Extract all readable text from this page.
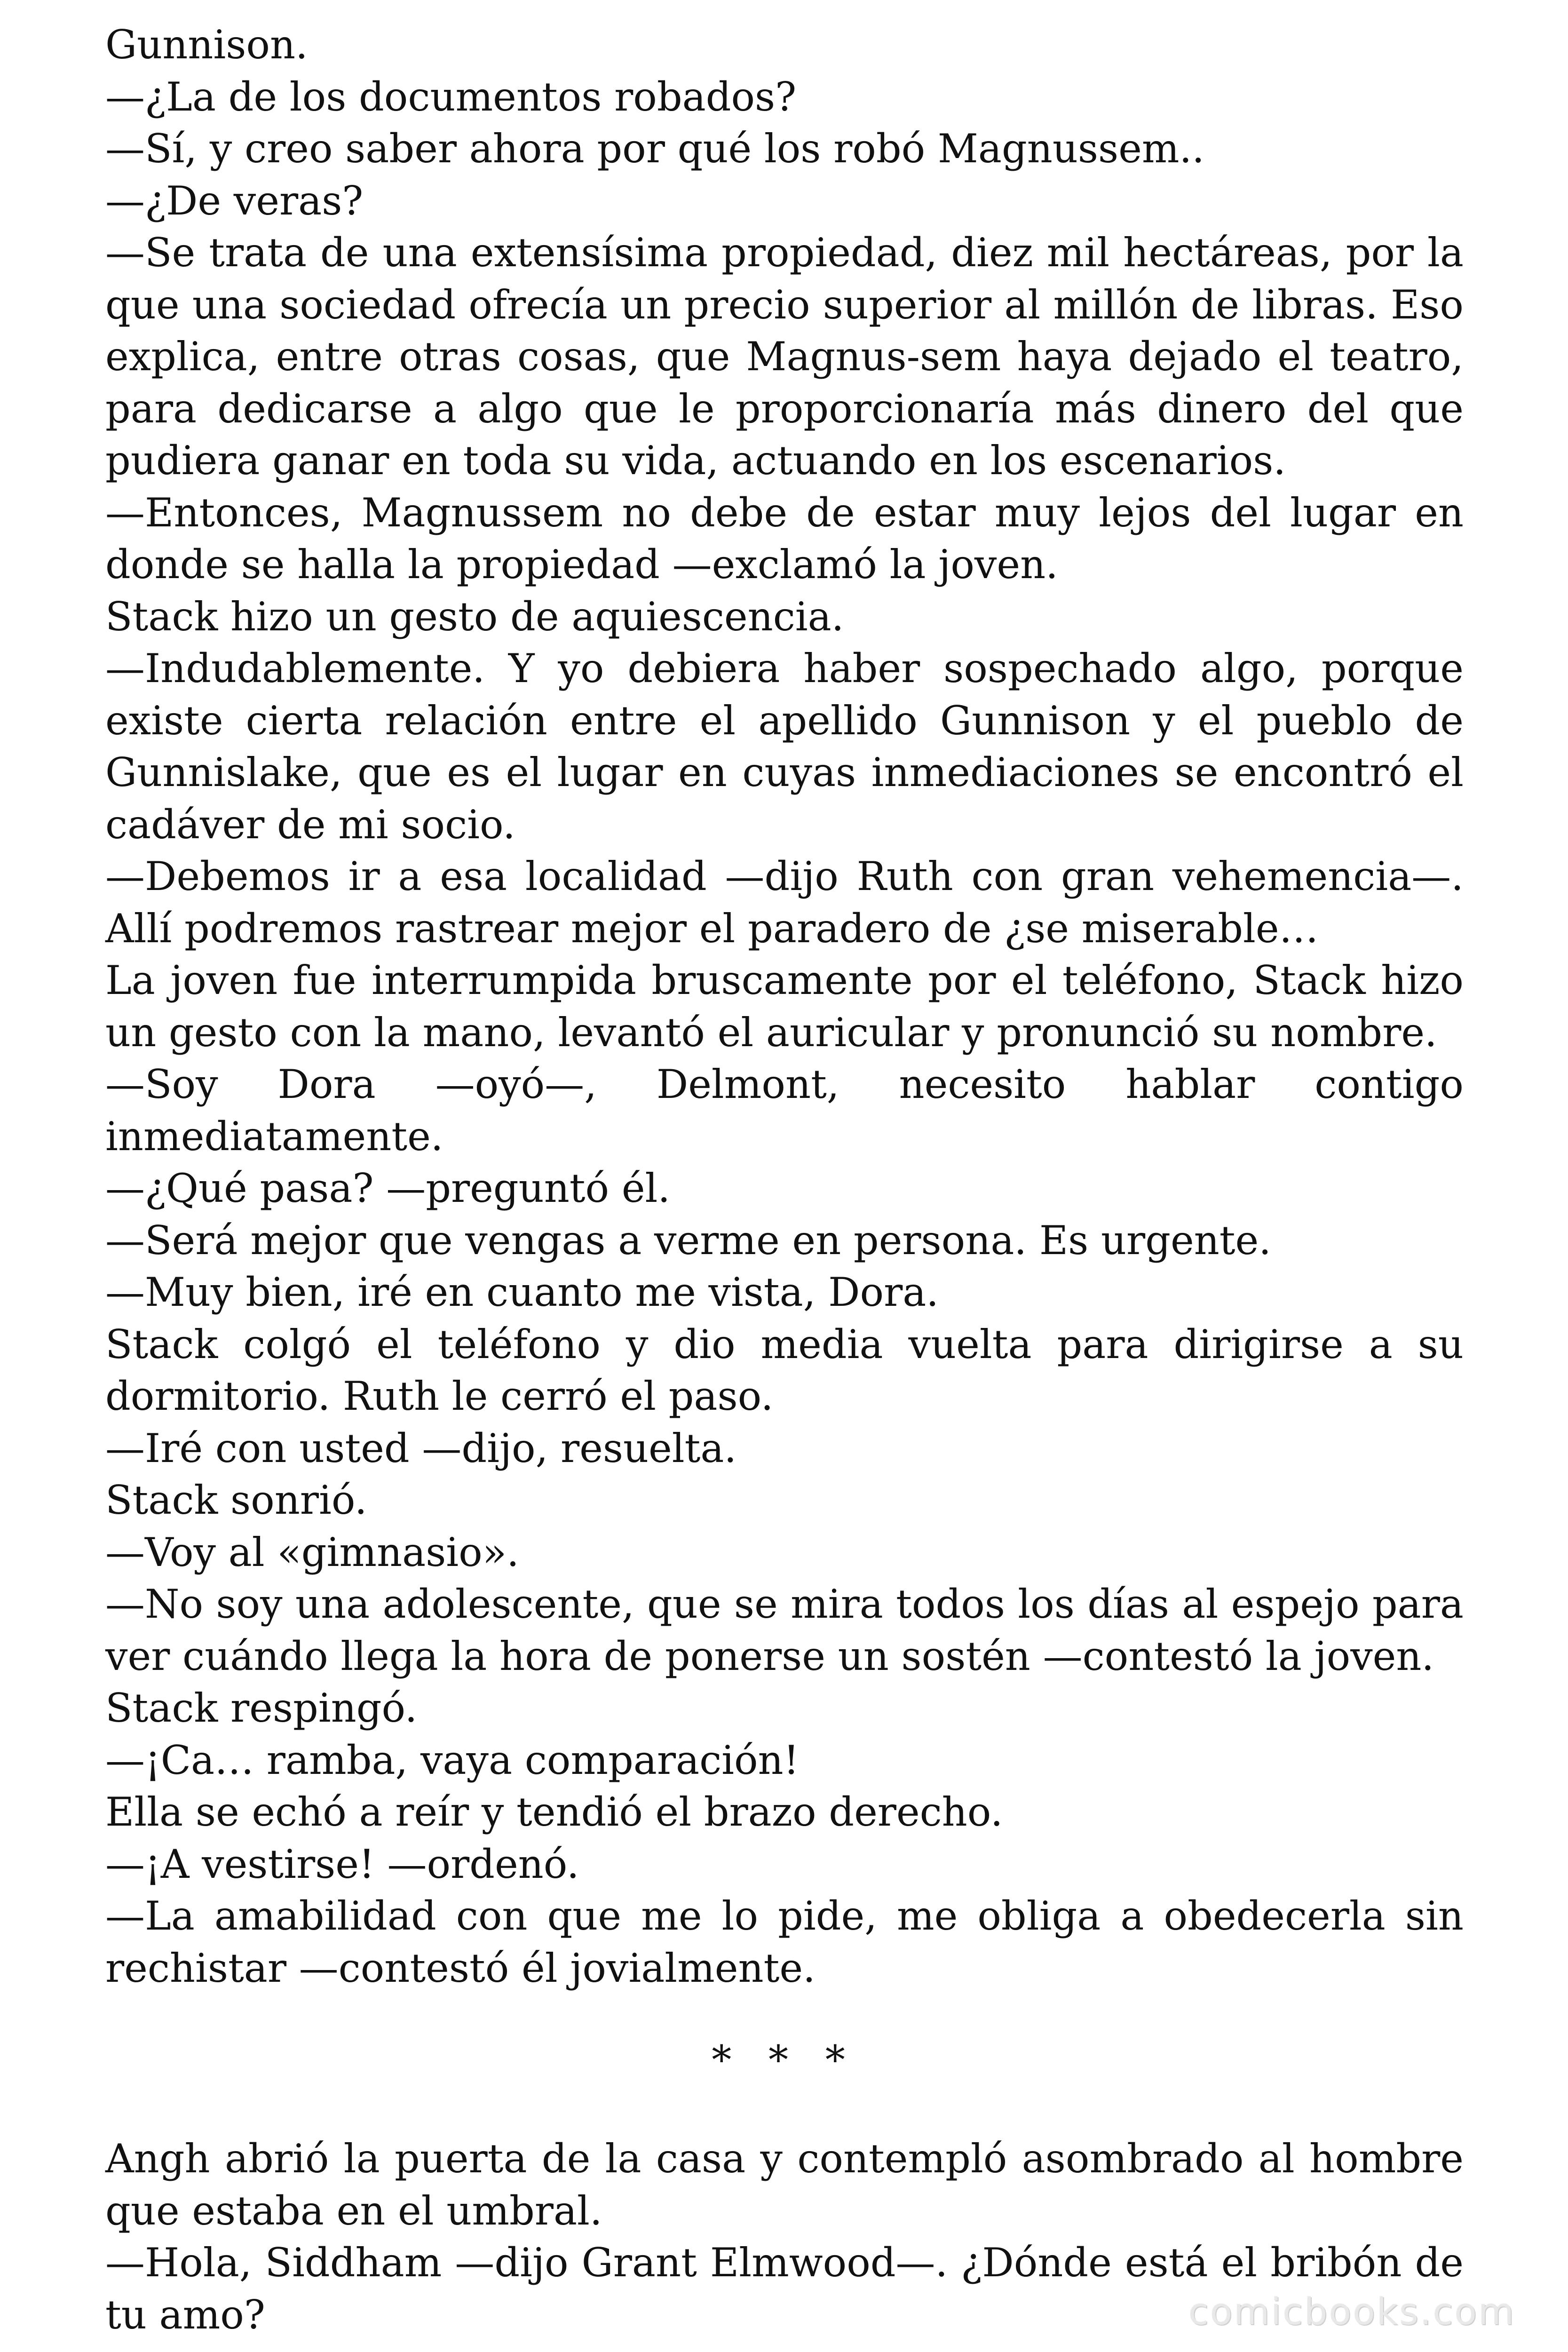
Gunnison.

—¿La de los documentos robados?

—Sí, y creo saber ahora por qué los robó Magnussem..

—¿De veras?

—Se trata de una extensísima propiedad, diez mil hectáreas, por la que una sociedad ofrecía un precio superior al millón de libras. Eso explica, entre otras cosas, que Magnus-sem haya dejado el teatro, para dedicarse a algo que le proporcionaría más dinero del que pudiera ganar en toda su vida, actuando en los escenarios.

—Entonces, Magnussem no debe de estar muy lejos del lugar en donde se halla la propiedad —exclamó la joven.

Stack hizo un gesto de aquiescencia.

—Indudablemente. Y yo debiera haber sospechado algo, porque existe cierta relación entre el apellido Gunnison y el pueblo de Gunnislake, que es el lugar en cuyas inmediaciones se encontró el cadáver de mi socio.

—Debemos ir a esa localidad —dijo Ruth con gran vehemencia—. Allí podremos rastrear mejor el paradero de ¿se miserable…

La joven fue interrumpida bruscamente por el teléfono, Stack hizo un gesto con la mano, levantó el auricular y pronunció su nombre.

—Soy Dora —oyó—, Delmont, necesito hablar contigo inmediatamente.

—¿Qué pasa? —preguntó él.

—Será mejor que vengas a verme en persona. Es urgente.

—Muy bien, iré en cuanto me vista, Dora.

Stack colgó el teléfono y dio media vuelta para dirigirse a su dormitorio. Ruth le cerró el paso.

—Iré con usted —dijo, resuelta.

Stack sonrió.

—Voy al «gimnasio».

—No soy una adolescente, que se mira todos los días al espejo para ver cuándo llega la hora de ponerse un sostén —contestó la joven.

Stack respingó.

—¡Ca… ramba, vaya comparación!

Ella se echó a reír y tendió el brazo derecho.

—¡A vestirse! —ordenó.

—La amabilidad con que me lo pide, me obliga a obedecerla sin rechistar —contestó él jovialmente.

* * *

Angh abrió la puerta de la casa y contempló asombrado al hombre que estaba en el umbral.

—Hola, Siddham —dijo Grant Elmwood—. ¿Dónde está el bribón de tu amo?	comicbooks.com
